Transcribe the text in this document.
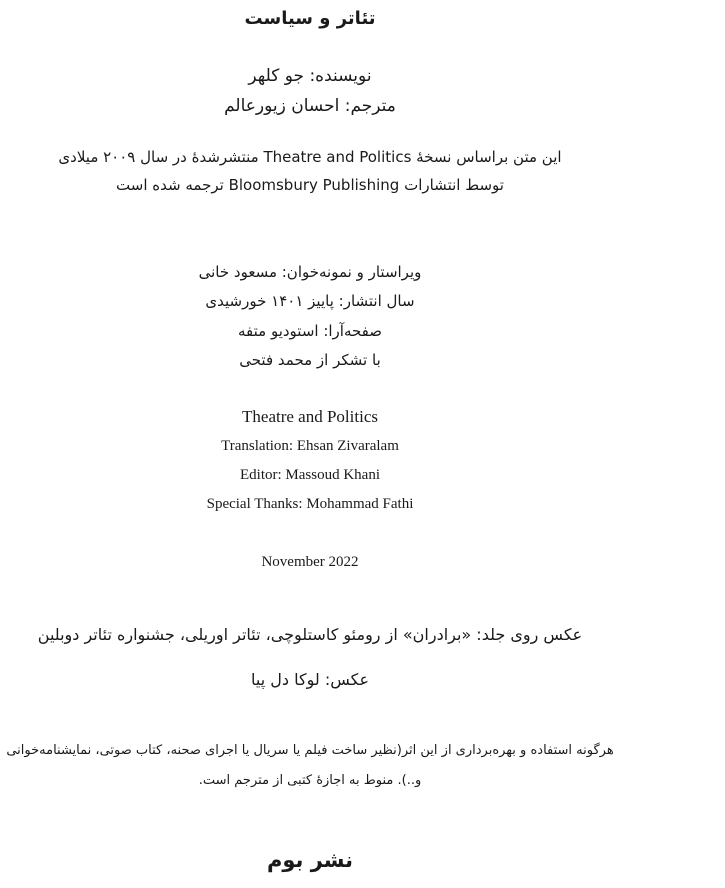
تئاتر و سیاست
نویسنده: جو کلهر
مترجم: احسان زیورعالم
این متن براساس نسخهٔ Theatre and Politics منتشرشدهٔ در سال ۲۰۰۹ میلادی
توسط انتشارات Bloomsbury Publishing ترجمه شده است
ویراستار و نمونه‌خوان: مسعود خانی
سال انتشار: پاییز ۱۴۰۱ خورشیدی
صفحه‌آرا: استودیو متفه
با تشکر از محمد فتحی
Theatre and Politics
Translation: Ehsan Zivaralam
Editor: Massoud Khani
Special Thanks: Mohammad Fathi
November 2022
عکس روی جلد: «برادران» از رومئو کاستلوچی، تئاتر اوریلی، جشنواره تئاتر دوبلین
عکس: لوکا دل پیا
هرگونه استفاده و بهره‌برداری از این اثر(نظیر ساخت فیلم یا سریال یا اجرای صحنه، کتاب صوتی، نمایشنامه‌خوانی
و..). منوط به اجازهٔ کتبی از مترجم است.
نشر بوم
